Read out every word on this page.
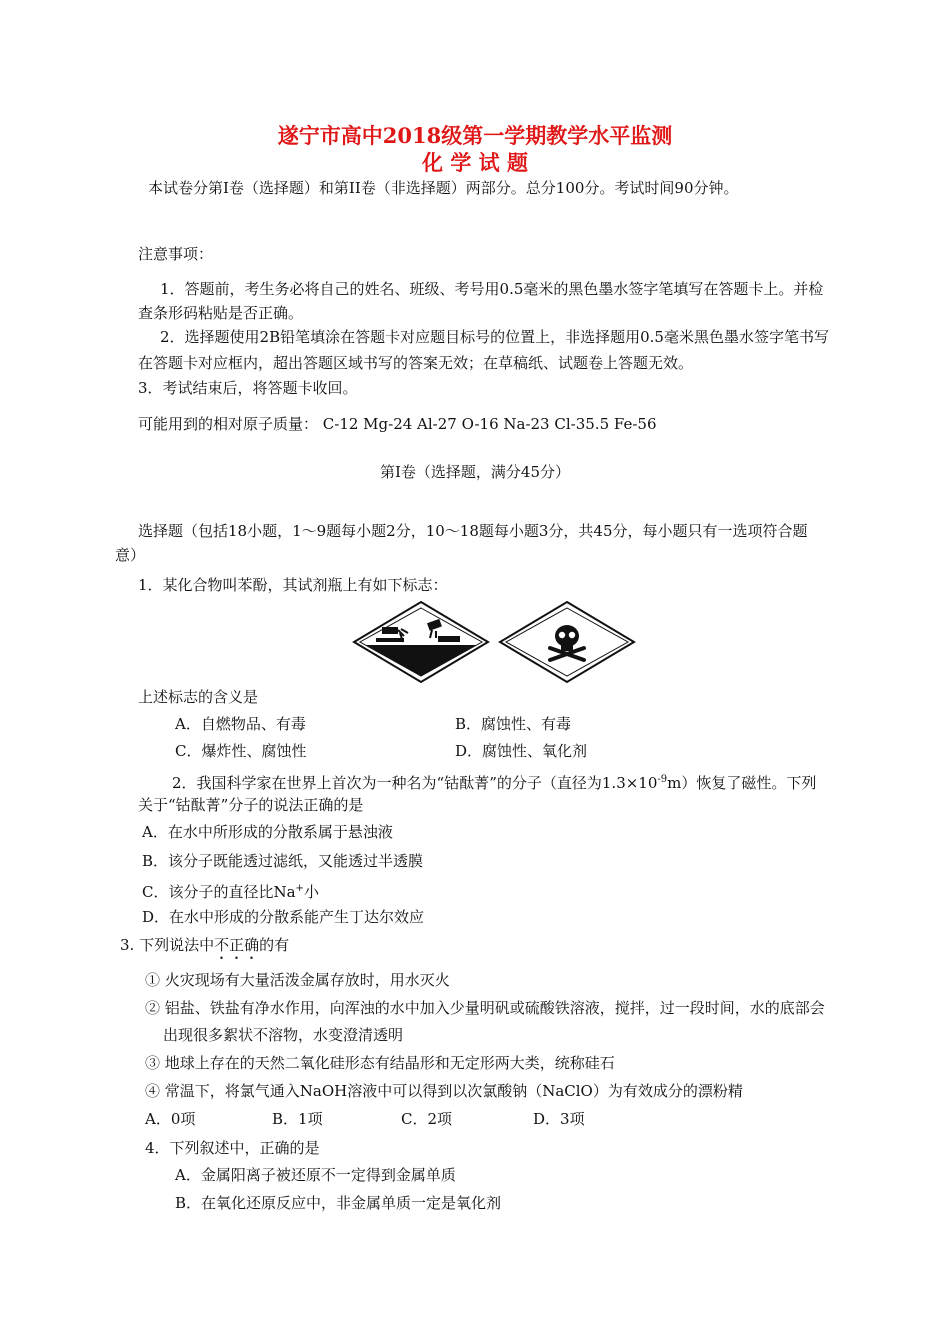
遂宁市高中2018级第一学期教学水平监测
化 学 试 题
本试卷分第Ⅰ卷（选择题）和第II卷（非选择题）两部分。总分100分。考试时间90分钟。
注意事项：
1．答题前，考生务必将自己的姓名、班级、考号用0.5毫米的黑色墨水签字笔填写在答题卡上。并检
查条形码粘贴是否正确。
2．选择题使用2B铅笔填涂在答题卡对应题目标号的位置上，非选择题用0.5毫米黑色墨水签字笔书写
在答题卡对应框内，超出答题区域书写的答案无效；在草稿纸、试题卷上答题无效。
3．考试结束后，将答题卡收回。
可能用到的相对原子质量： C-12 Mg-24 Al-27 O-16 Na-23 Cl-35.5 Fe-56
第Ⅰ卷（选择题，满分45分）
选择题（包括18小题，1～9题每小题2分，10～18题每小题3分，共45分，每小题只有一选项符合题
意）
1．某化合物叫苯酚，其试剂瓶上有如下标志：
上述标志的含义是
A．自燃物品、有毒	B．腐蚀性、有毒
C．爆炸性、腐蚀性	D．腐蚀性、氧化剂
2．我国科学家在世界上首次为一种名为“钴酞菁”的分子（直径为$1.3\times 10^{-9}m$）恢复了磁性。下列
关于“钴酞菁”分子的说法正确的是
A．在水中所形成的分散系属于悬浊液
B．该分子既能透过滤纸，又能透过半透膜
C．该分子的直径比Na+小
D．在水中形成的分散系能产生丁达尔效应
3. 下列说法中不正确的有
① 火灾现场有大量活泼金属存放时，用水灭火
② 铝盐、铁盐有净水作用，向浑浊的水中加入少量明矾或硫酸铁溶液，搅拌，过一段时间，水的底部会
出现很多絮状不溶物，水变澄清透明
③ 地球上存在的天然二氧化硅形态有结晶形和无定形两大类，统称硅石
④ 常温下，将氯气通入NaOH溶液中可以得到以次氯酸钠（NaClO）为有效成分的漂粉精
A．0项	B．1项	C．2项	D．3项
4．下列叙述中，正确的是
A．金属阳离子被还原不一定得到金属单质
B．在氧化还原反应中，非金属单质一定是氧化剂
